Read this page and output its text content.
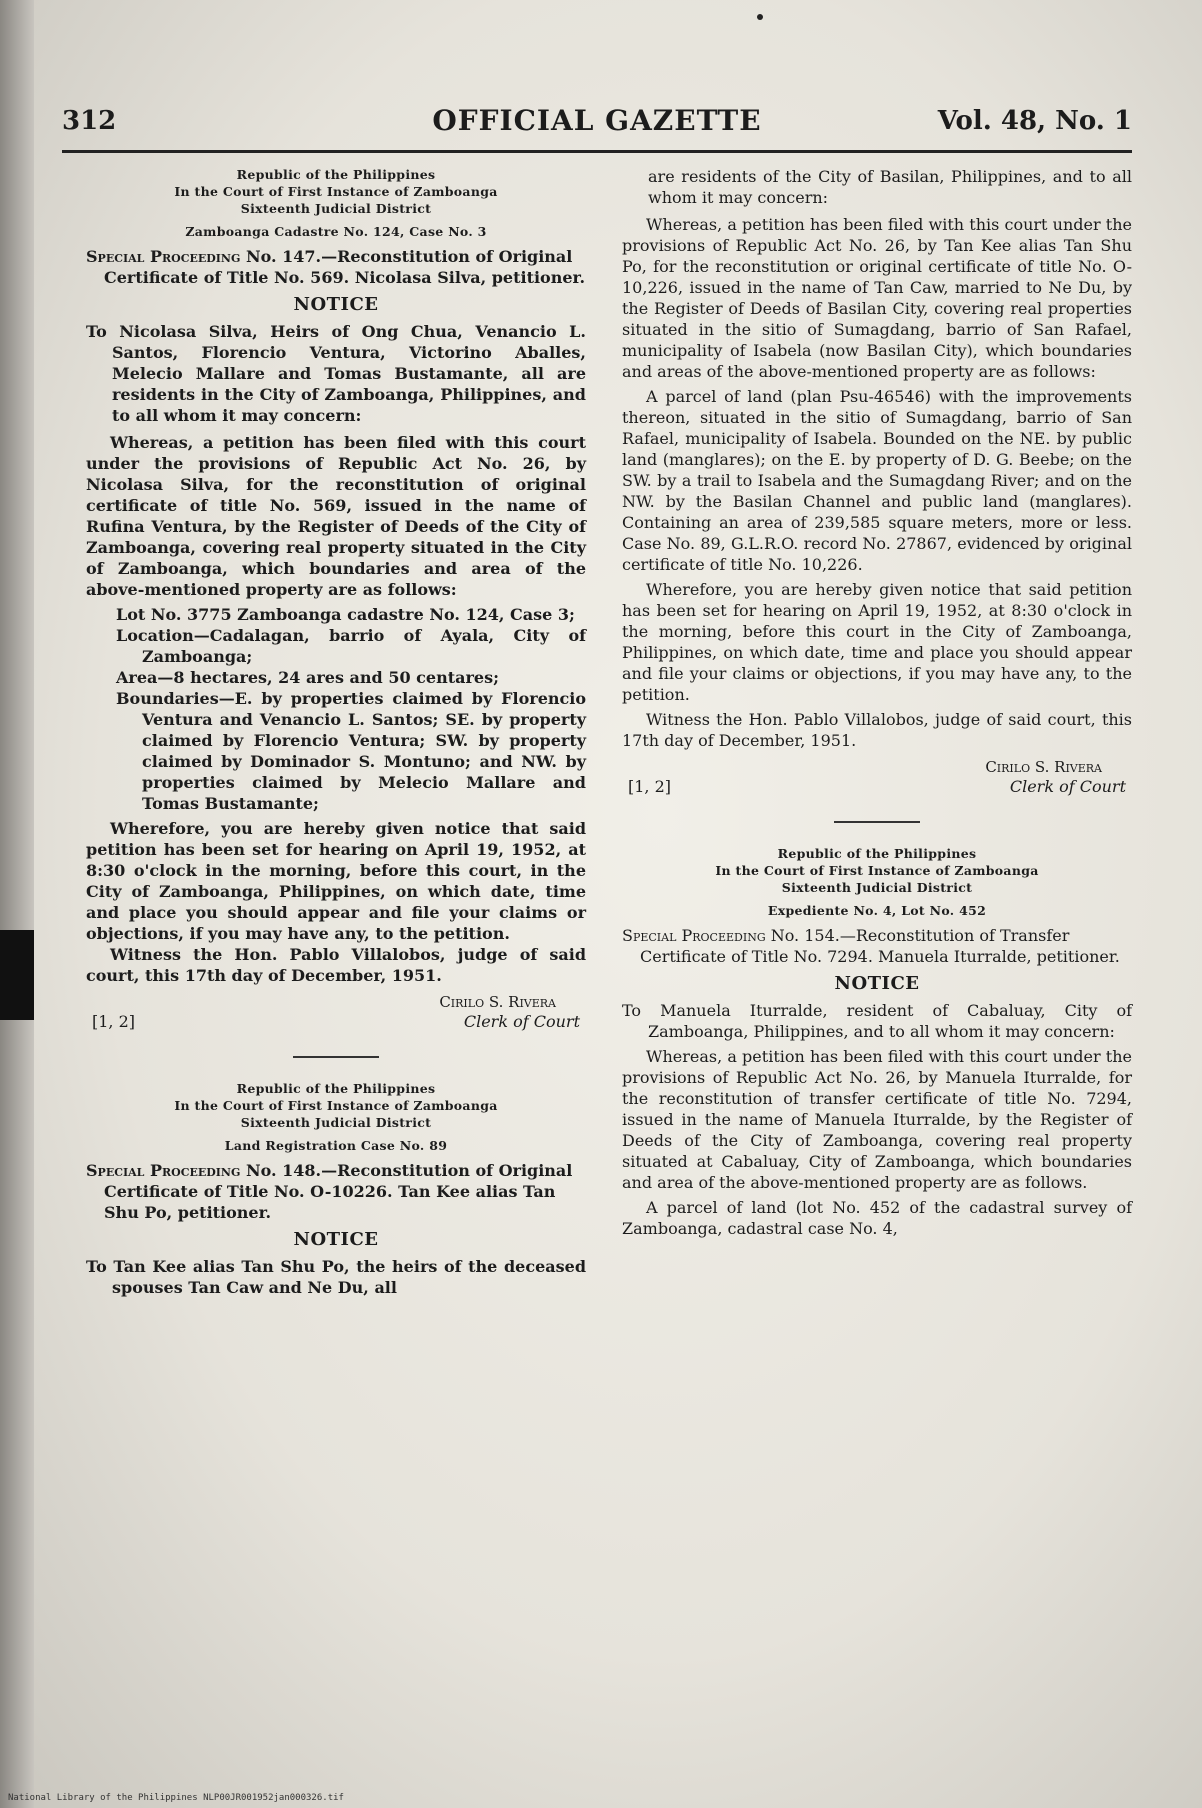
312	OFFICIAL GAZETTE	Vol. 48, No. 1
Republic of the Philippines
In the Court of First Instance of Zamboanga
Sixteenth Judicial District
Zamboanga Cadastre No. 124, Case No. 3
Special Proceeding No. 147.—Reconstitution of Original Certificate of Title No. 569. Nicolasa Silva, petitioner.
NOTICE

To Nicolasa Silva, Heirs of Ong Chua, Venancio L. Santos, Florencio Ventura, Victorino Aballes, Melecio Mallare and Tomas Bustamante, all are residents in the City of Zamboanga, Philippines, and to all whom it may concern:

Whereas, a petition has been filed with this court under the provisions of Republic Act No. 26, by Nicolasa Silva, for the reconstitution of original certificate of title No. 569, issued in the name of Rufina Ventura, by the Register of Deeds of the City of Zamboanga, covering real property situated in the City of Zamboanga, which boundaries and area of the above-mentioned property are as follows:

Lot No. 3775 Zamboanga cadastre No. 124, Case 3;

Location—Cadalagan, barrio of Ayala, City of Zamboanga;

Area—8 hectares, 24 ares and 50 centares;

Boundaries—E. by properties claimed by Florencio Ventura and Venancio L. Santos; SE. by property claimed by Florencio Ventura; SW. by property claimed by Dominador S. Montuno; and NW. by properties claimed by Melecio Mallare and Tomas Bustamante;

Wherefore, you are hereby given notice that said petition has been set for hearing on April 19, 1952, at 8:30 o'clock in the morning, before this court, in the City of Zamboanga, Philippines, on which date, time and place you should appear and file your claims or objections, if you may have any, to the petition.

Witness the Hon. Pablo Villalobos, judge of said court, this 17th day of December, 1951.

Cirilo S. Rivera
[1, 2]	Clerk of Court
Republic of the Philippines
In the Court of First Instance of Zamboanga
Sixteenth Judicial District
Land Registration Case No. 89
Special Proceeding No. 148.—Reconstitution of Original Certificate of Title No. O-10226. Tan Kee alias Tan Shu Po, petitioner.
NOTICE

To Tan Kee alias Tan Shu Po, the heirs of the deceased spouses Tan Caw and Ne Du, all

are residents of the City of Basilan, Philippines, and to all whom it may concern:

Whereas, a petition has been filed with this court under the provisions of Republic Act No. 26, by Tan Kee alias Tan Shu Po, for the reconstitution or original certificate of title No. O-10,226, issued in the name of Tan Caw, married to Ne Du, by the Register of Deeds of Basilan City, covering real properties situated in the sitio of Sumagdang, barrio of San Rafael, municipality of Isabela (now Basilan City), which boundaries and areas of the above-mentioned property are as follows:

A parcel of land (plan Psu-46546) with the improvements thereon, situated in the sitio of Sumagdang, barrio of San Rafael, municipality of Isabela. Bounded on the NE. by public land (manglares); on the E. by property of D. G. Beebe; on the SW. by a trail to Isabela and the Sumagdang River; and on the NW. by the Basilan Channel and public land (manglares). Containing an area of 239,585 square meters, more or less. Case No. 89, G.L.R.O. record No. 27867, evidenced by original certificate of title No. 10,226.

Wherefore, you are hereby given notice that said petition has been set for hearing on April 19, 1952, at 8:30 o'clock in the morning, before this court in the City of Zamboanga, Philippines, on which date, time and place you should appear and file your claims or objections, if you may have any, to the petition.

Witness the Hon. Pablo Villalobos, judge of said court, this 17th day of December, 1951.

Cirilo S. Rivera
[1, 2]	Clerk of Court
Republic of the Philippines
In the Court of First Instance of Zamboanga
Sixteenth Judicial District
Expediente No. 4, Lot No. 452
Special Proceeding No. 154.—Reconstitution of Transfer Certificate of Title No. 7294. Manuela Iturralde, petitioner.
NOTICE

To Manuela Iturralde, resident of Cabaluay, City of Zamboanga, Philippines, and to all whom it may concern:

Whereas, a petition has been filed with this court under the provisions of Republic Act No. 26, by Manuela Iturralde, for the reconstitution of transfer certificate of title No. 7294, issued in the name of Manuela Iturralde, by the Register of Deeds of the City of Zamboanga, covering real property situated at Cabaluay, City of Zamboanga, which boundaries and area of the above-mentioned property are as follows.

A parcel of land (lot No. 452 of the cadastral survey of Zamboanga, cadastral case No. 4,

National Library of the Philippines NLP00JR001952jan000326.tif
